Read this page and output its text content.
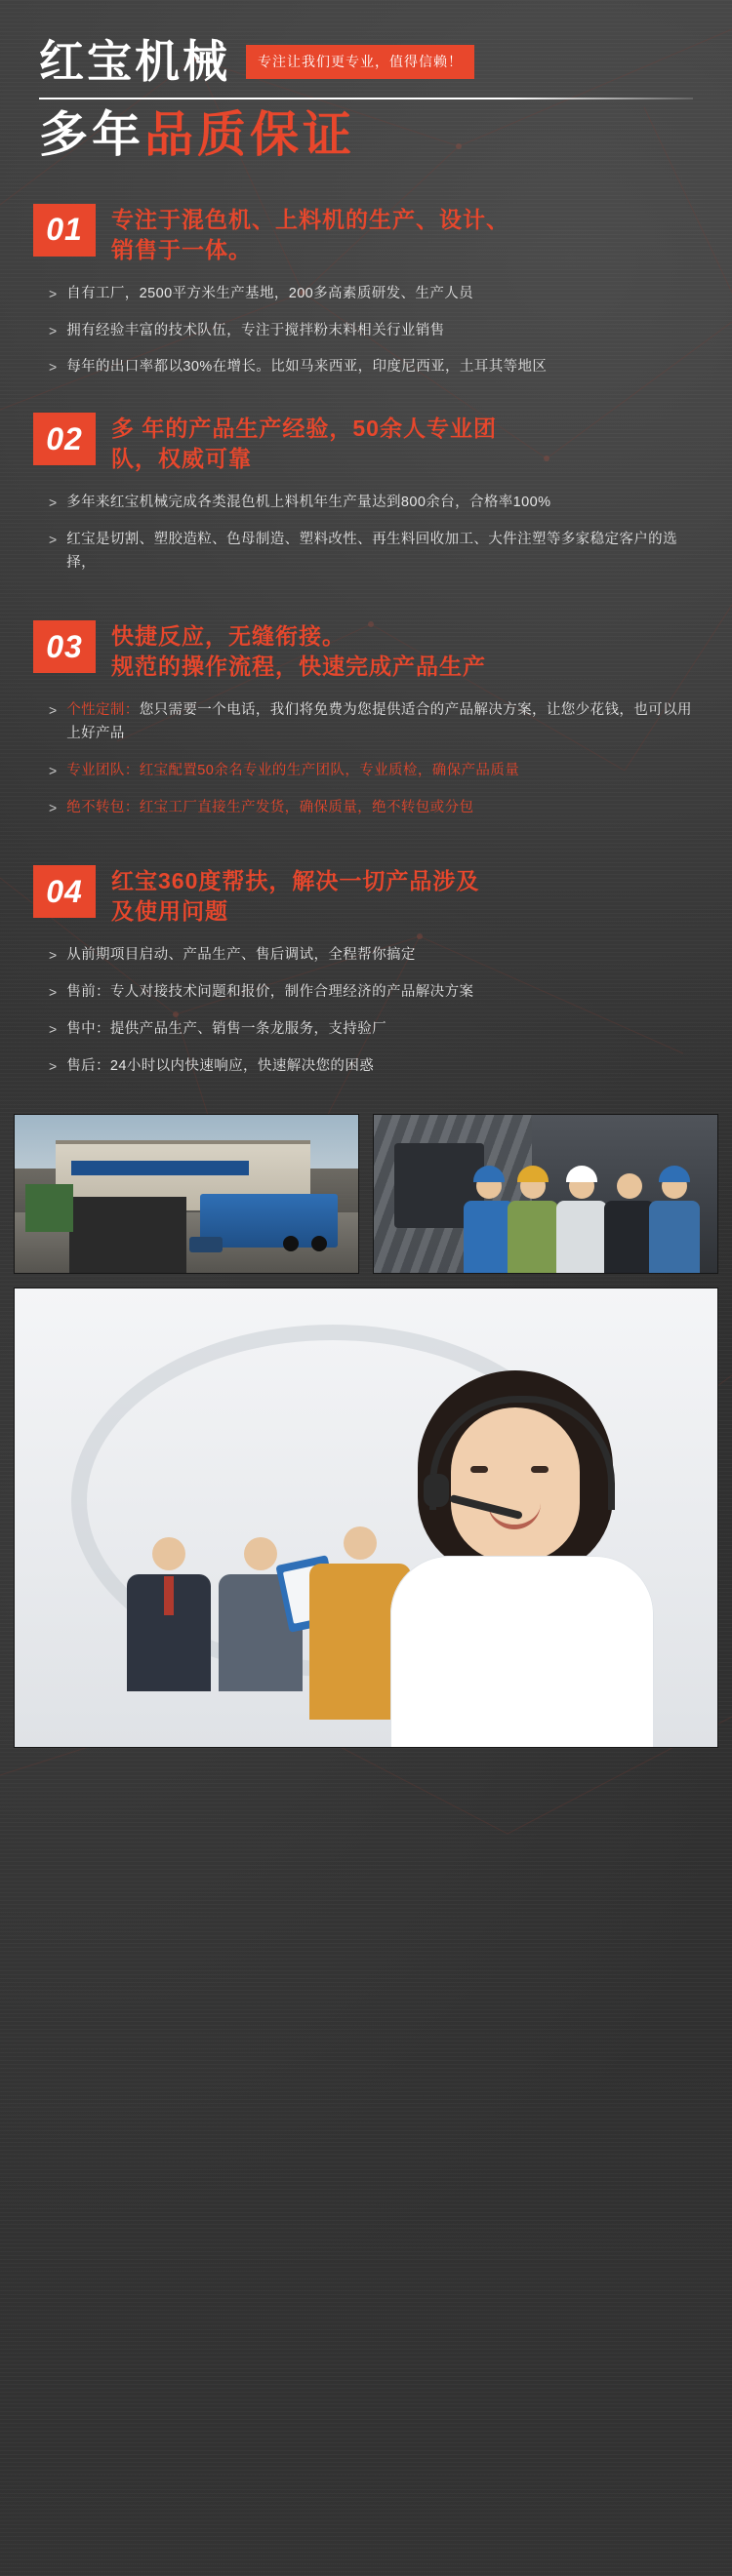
红宝机械	专注让我们更专业，值得信赖！
多年 品质保证
01	专注于混色机、上料机的生产、设计、
销售于一体。
> 自有工厂，2500平方米生产基地，200多高素质研发、生产人员
> 拥有经验丰富的技术队伍，专注于搅拌粉末料相关行业销售
> 每年的出口率都以30%在增长。比如马来西亚，印度尼西亚，土耳其等地区
02	多 年的产品生产经验，50余人专业团
队，权威可靠
> 多年来红宝机械完成各类混色机上料机年生产量达到800余台，合格率100%
> 红宝是切割、塑胶造粒、色母制造、塑料改性、再生料回收加工、大件注塑等多家稳定客户的选择，
03	快捷反应，无缝衔接。
规范的操作流程，快速完成产品生产
> 个性定制：您只需要一个电话，我们将免费为您提供适合的产品解决方案，让您少花钱，也可以用上好产品
> 专业团队：红宝配置50余名专业的生产团队，专业质检，确保产品质量
> 绝不转包：红宝工厂直接生产发货，确保质量，绝不转包或分包
04	红宝360度帮扶，解决一切产品涉及
及使用问题
> 从前期项目启动、产品生产、售后调试，全程帮你搞定
> 售前：专人对接技术问题和报价，制作合理经济的产品解决方案
> 售中：提供产品生产、销售一条龙服务，支持验厂
> 售后：24小时以内快速响应，快速解决您的困惑
